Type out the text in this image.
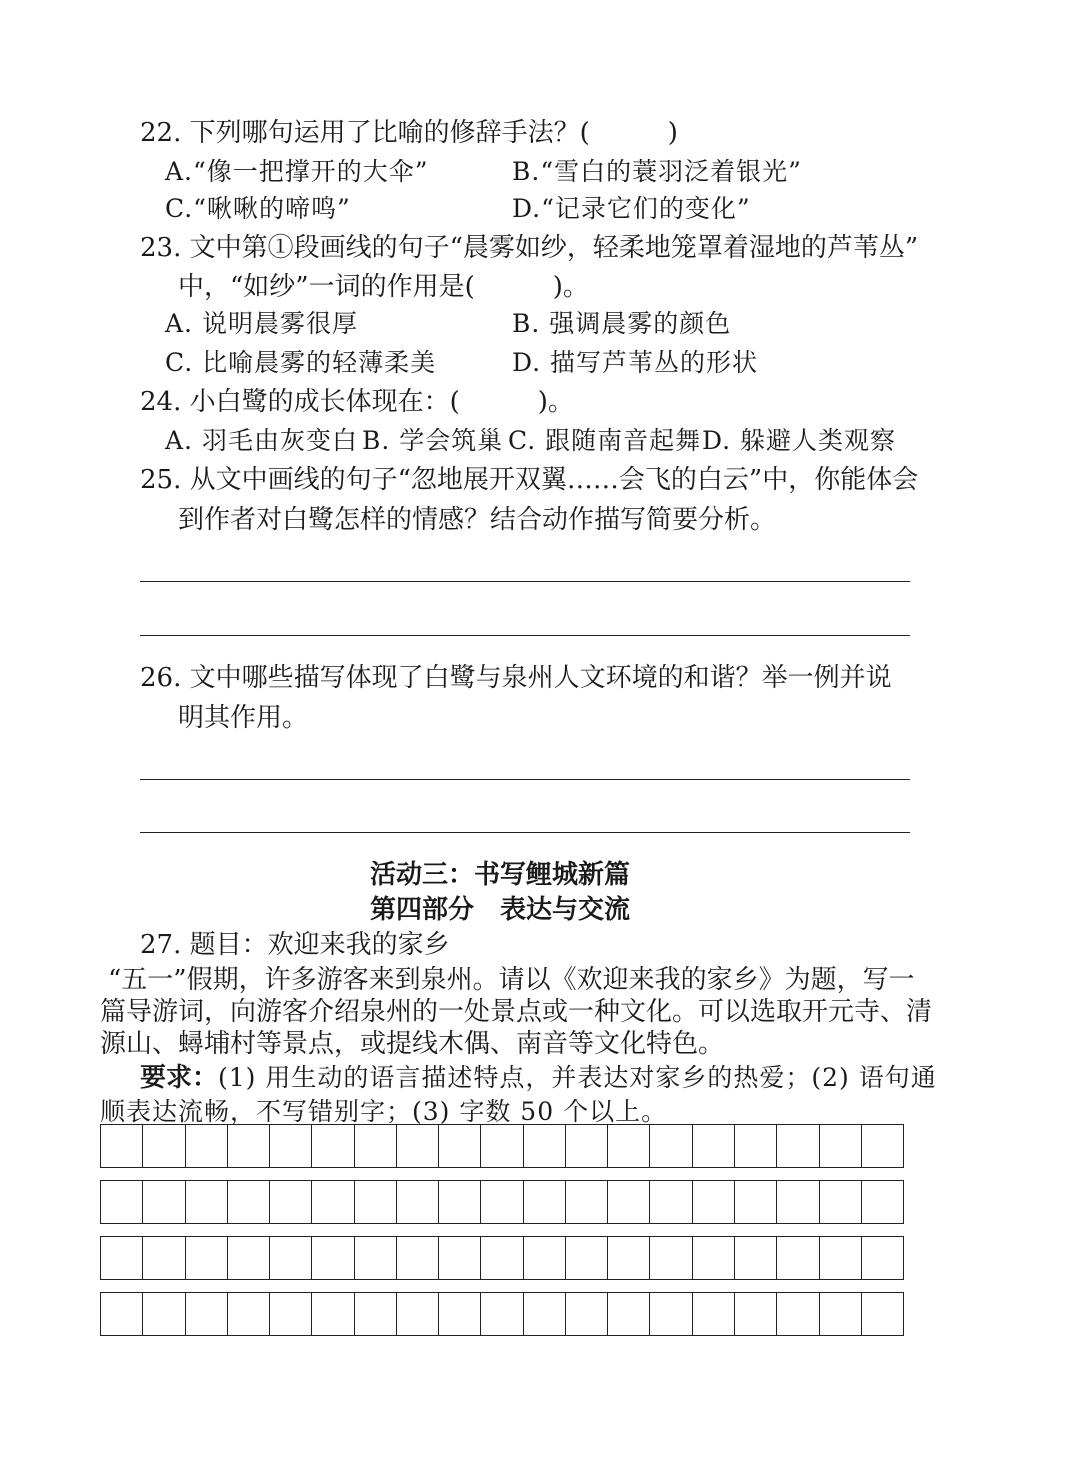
22. 下列哪句运用了比喻的修辞手法？(　　　)
A.“像一把撑开的大伞”	B.“雪白的蓑羽泛着银光”
C.“啾啾的啼鸣”	D.“记录它们的变化”
23. 文中第①段画线的句子“晨雾如纱，轻柔地笼罩着湿地的芦苇丛”
中，“如纱”一词的作用是(　　　)。
A. 说明晨雾很厚	B. 强调晨雾的颜色
C. 比喻晨雾的轻薄柔美	D. 描写芦苇丛的形状
24. 小白鹭的成长体现在：(　　　)。
A. 羽毛由灰变白 B. 学会筑巢 C. 跟随南音起舞 D. 躲避人类观察
25. 从文中画线的句子“忽地展开双翼……会飞的白云”中，你能体会
到作者对白鹭怎样的情感？结合动作描写简要分析。
26. 文中哪些描写体现了白鹭与泉州人文环境的和谐？举一例并说
明其作用。
活动三：书写鲤城新篇
第四部分　表达与交流
27. 题目：欢迎来我的家乡
“五一”假期，许多游客来到泉州。请以《欢迎来我的家乡》为题，写一
篇导游词，向游客介绍泉州的一处景点或一种文化。可以选取开元寺、清
源山、蟳埔村等景点，或提线木偶、南音等文化特色。
要求：(1) 用生动的语言描述特点，并表达对家乡的热爱；(2) 语句通
顺表达流畅，不写错别字；(3) 字数 50 个以上。
